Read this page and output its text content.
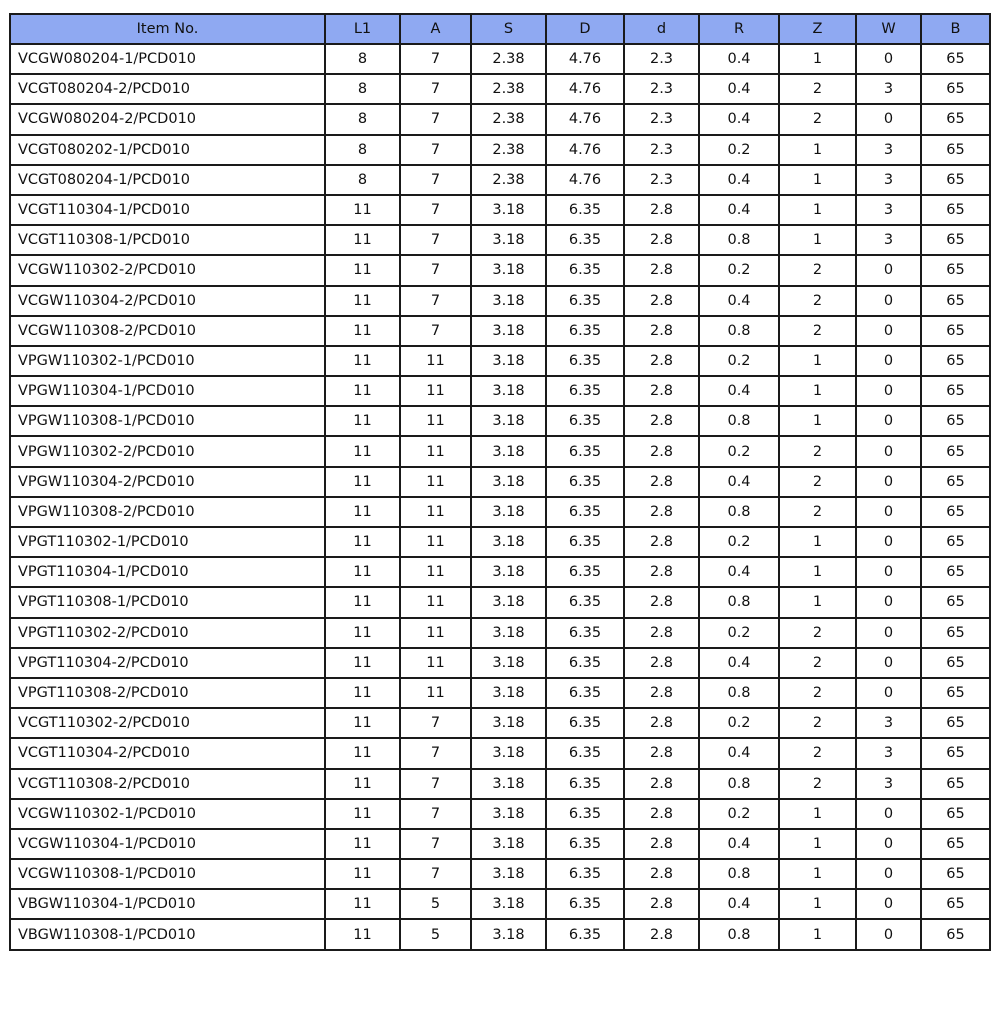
Item No.	L1	A	S	D	d	R	Z	W	B
VCGW080204-1/PCD010	8	7	2.38	4.76	2.3	0.4	1	0	65
VCGT080204-2/PCD010	8	7	2.38	4.76	2.3	0.4	2	3	65
VCGW080204-2/PCD010	8	7	2.38	4.76	2.3	0.4	2	0	65
VCGT080202-1/PCD010	8	7	2.38	4.76	2.3	0.2	1	3	65
VCGT080204-1/PCD010	8	7	2.38	4.76	2.3	0.4	1	3	65
VCGT110304-1/PCD010	11	7	3.18	6.35	2.8	0.4	1	3	65
VCGT110308-1/PCD010	11	7	3.18	6.35	2.8	0.8	1	3	65
VCGW110302-2/PCD010	11	7	3.18	6.35	2.8	0.2	2	0	65
VCGW110304-2/PCD010	11	7	3.18	6.35	2.8	0.4	2	0	65
VCGW110308-2/PCD010	11	7	3.18	6.35	2.8	0.8	2	0	65
VPGW110302-1/PCD010	11	11	3.18	6.35	2.8	0.2	1	0	65
VPGW110304-1/PCD010	11	11	3.18	6.35	2.8	0.4	1	0	65
VPGW110308-1/PCD010	11	11	3.18	6.35	2.8	0.8	1	0	65
VPGW110302-2/PCD010	11	11	3.18	6.35	2.8	0.2	2	0	65
VPGW110304-2/PCD010	11	11	3.18	6.35	2.8	0.4	2	0	65
VPGW110308-2/PCD010	11	11	3.18	6.35	2.8	0.8	2	0	65
VPGT110302-1/PCD010	11	11	3.18	6.35	2.8	0.2	1	0	65
VPGT110304-1/PCD010	11	11	3.18	6.35	2.8	0.4	1	0	65
VPGT110308-1/PCD010	11	11	3.18	6.35	2.8	0.8	1	0	65
VPGT110302-2/PCD010	11	11	3.18	6.35	2.8	0.2	2	0	65
VPGT110304-2/PCD010	11	11	3.18	6.35	2.8	0.4	2	0	65
VPGT110308-2/PCD010	11	11	3.18	6.35	2.8	0.8	2	0	65
VCGT110302-2/PCD010	11	7	3.18	6.35	2.8	0.2	2	3	65
VCGT110304-2/PCD010	11	7	3.18	6.35	2.8	0.4	2	3	65
VCGT110308-2/PCD010	11	7	3.18	6.35	2.8	0.8	2	3	65
VCGW110302-1/PCD010	11	7	3.18	6.35	2.8	0.2	1	0	65
VCGW110304-1/PCD010	11	7	3.18	6.35	2.8	0.4	1	0	65
VCGW110308-1/PCD010	11	7	3.18	6.35	2.8	0.8	1	0	65
VBGW110304-1/PCD010	11	5	3.18	6.35	2.8	0.4	1	0	65
VBGW110308-1/PCD010	11	5	3.18	6.35	2.8	0.8	1	0	65
